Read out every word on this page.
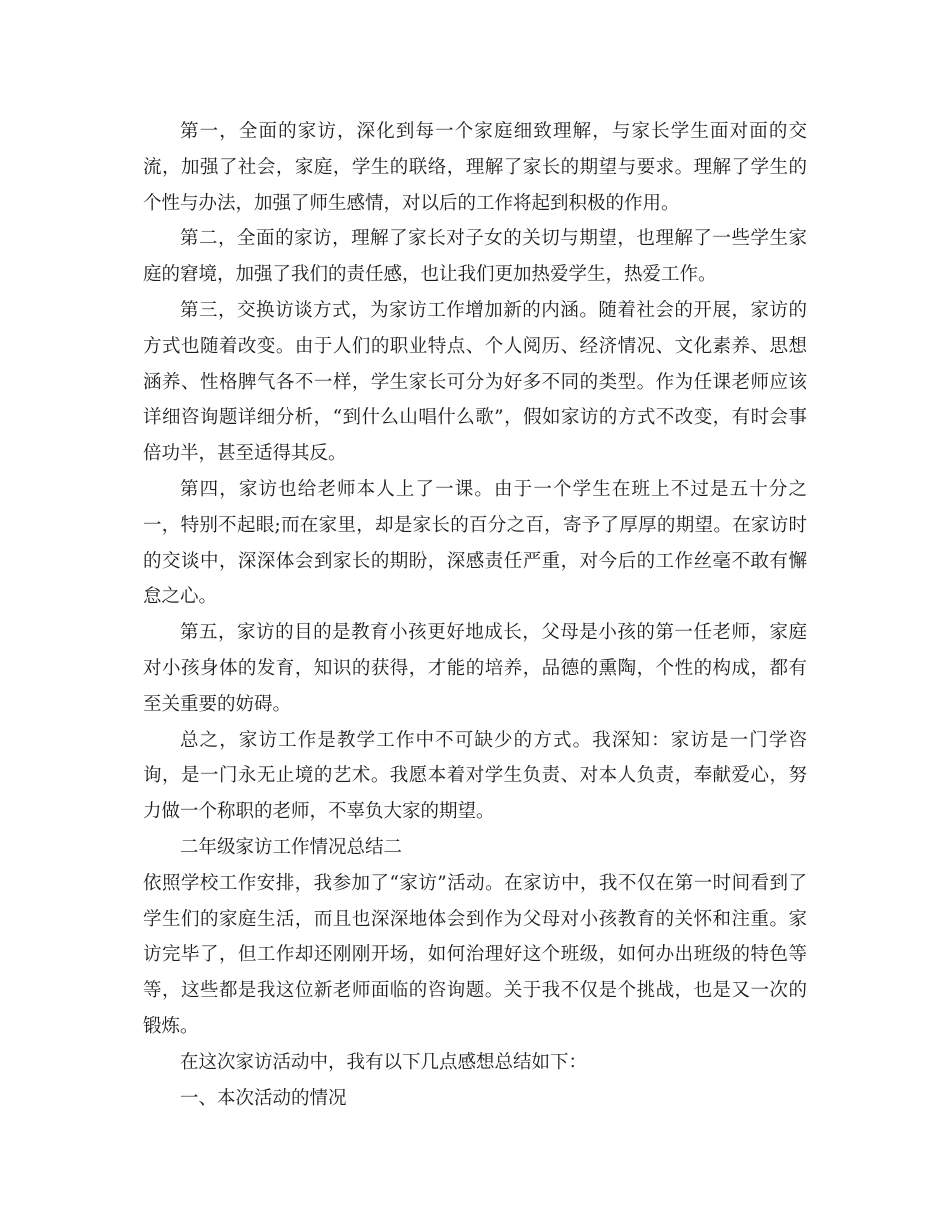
第一，全面的家访，深化到每一个家庭细致理解，与家长学生面对面的交流，加强了社会，家庭，学生的联络，理解了家长的期望与要求。理解了学生的个性与办法，加强了师生感情，对以后的工作将起到积极的作用。

第二，全面的家访，理解了家长对子女的关切与期望，也理解了一些学生家庭的窘境，加强了我们的责任感，也让我们更加热爱学生，热爱工作。

第三，交换访谈方式，为家访工作增加新的内涵。随着社会的开展，家访的方式也随着改变。由于人们的职业特点、个人阅历、经济情况、文化素养、思想涵养、性格脾气各不一样，学生家长可分为好多不同的类型。作为任课老师应该详细咨询题详细分析，“到什么山唱什么歌”，假如家访的方式不改变，有时会事倍功半，甚至适得其反。

第四，家访也给老师本人上了一课。由于一个学生在班上不过是五十分之一，特别不起眼;而在家里，却是家长的百分之百，寄予了厚厚的期望。在家访时的交谈中，深深体会到家长的期盼，深感责任严重，对今后的工作丝毫不敢有懈怠之心。

第五，家访的目的是教育小孩更好地成长，父母是小孩的第一任老师，家庭对小孩身体的发育，知识的获得，才能的培养，品德的熏陶，个性的构成，都有至关重要的妨碍。

总之，家访工作是教学工作中不可缺少的方式。我深知：家访是一门学咨询，是一门永无止境的艺术。我愿本着对学生负责、对本人负责，奉献爱心，努力做一个称职的老师，不辜负大家的期望。

二年级家访工作情况总结二

依照学校工作安排，我参加了“家访”活动。在家访中，我不仅在第一时间看到了学生们的家庭生活，而且也深深地体会到作为父母对小孩教育的关怀和注重。家访完毕了，但工作却还刚刚开场，如何治理好这个班级，如何办出班级的特色等等，这些都是我这位新老师面临的咨询题。关于我不仅是个挑战，也是又一次的锻炼。

在这次家访活动中，我有以下几点感想总结如下：

一、本次活动的情况
